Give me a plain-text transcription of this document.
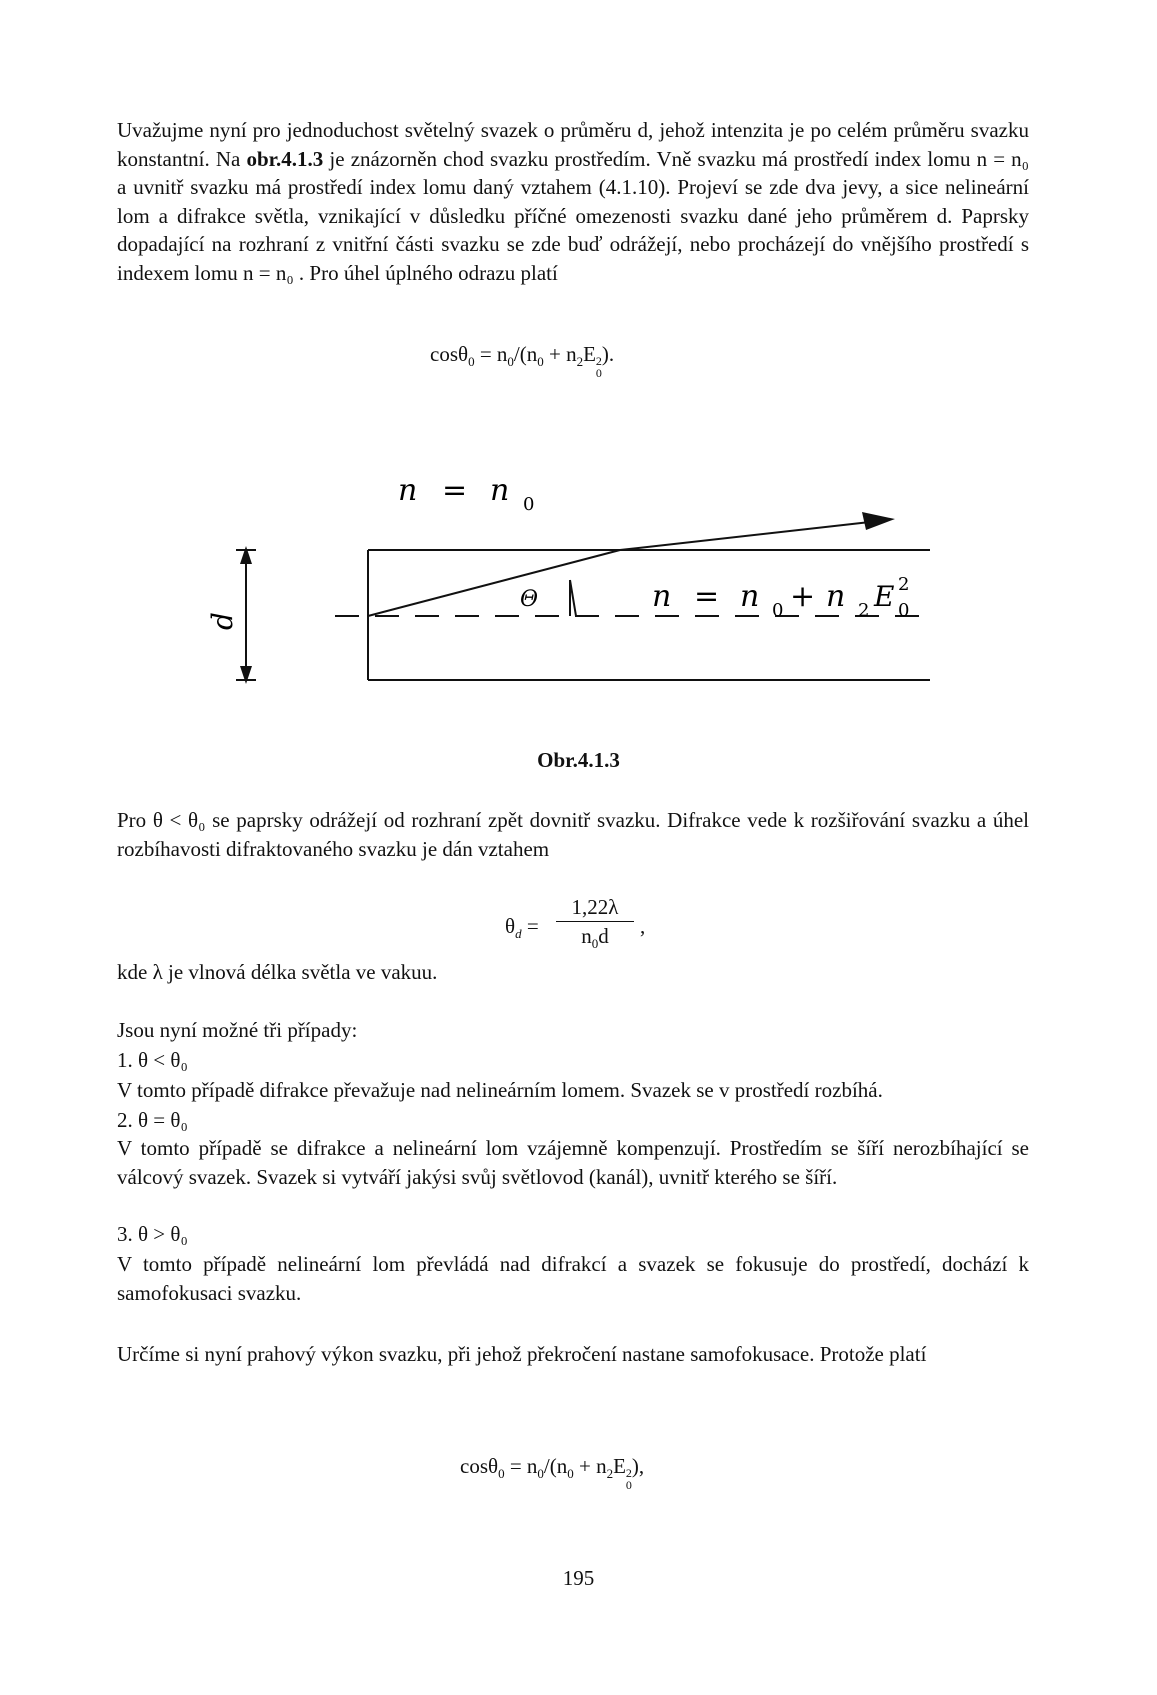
Uvažujme nyní pro jednoduchost světelný svazek o průměru d, jehož intenzita je po celém průměru svazku konstantní. Na obr.4.1.3 je znázorněn chod svazku prostředím. Vně svazku má prostředí index lomu n = n₀ a uvnitř svazku má prostředí index lomu daný vztahem (4.1.10). Projeví se zde dva jevy, a sice nelineární lom a difrakce světla, vznikající v důsledku příčné omezenosti svazku dané jeho průměrem d. Paprsky dopadající na rozhraní z vnitřní části svazku se zde buď odrážejí, nebo procházejí do vnějšího prostředí s indexem lomu n = n₀ . Pro úhel úplného odrazu platí

$\cos\theta_0 = n_0/(n_0 + n_2E$ 2
0
).
n = n 0
Θ
d
n = n 0 + n 2 E 2
0
Obr.4.1.3

Pro θ < θ₀ se paprsky odrážejí od rozhraní zpět dovnitř svazku. Difrakce vede k rozšiřování svazku a úhel rozbíhavosti difraktovaného svazku je dán vztahem

$\theta_d$ =
1,22λ
$n_0d$	,
kde λ je vlnová délka světla ve vakuu.
Jsou nyní možné tři případy:
1. θ < θ₀

V tomto případě difrakce převažuje nad nelineárním lomem. Svazek se v prostředí rozbíhá.

2. θ = θ₀

V tomto případě se difrakce a nelineární lom vzájemně kompenzují. Prostředím se šíří nerozbíhající se válcový svazek. Svazek si vytváří jakýsi svůj světlovod (kanál), uvnitř kterého se šíří.

3. θ > θ₀

V tomto případě nelineární lom převládá nad difrakcí a svazek se fokusuje do prostředí, dochází k samofokusaci svazku.

Určíme si nyní prahový výkon svazku, při jehož překročení nastane samofokusace. Protože platí

$\cos\theta_0 = n_0/(n_0 + n_2E$ 2
0
),
195
